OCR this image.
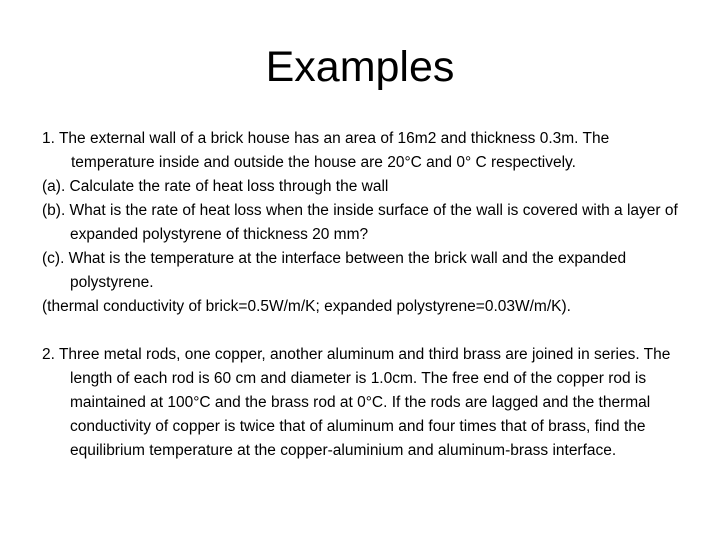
Examples

1. The external wall of a brick house has an area of 16m2 and thickness 0.3m. The temperature inside and outside the house are 20°C and 0° C respectively.

(a). Calculate the rate of heat loss through the wall

(b). What is the rate of heat loss when the inside surface of the wall is covered with a layer of expanded polystyrene of thickness 20 mm?

(c). What is the temperature at the interface between the brick wall and the expanded polystyrene.

(thermal conductivity of brick=0.5W/m/K; expanded polystyrene=0.03W/m/K).

2. Three metal rods, one copper, another aluminum and third brass are joined in series. The length of each rod is 60 cm and diameter is 1.0cm. The free end of the copper rod is maintained at 100°C and the brass rod at 0°C. If the rods are lagged and the thermal conductivity of copper is twice that of aluminum and four times that of brass, find the equilibrium temperature at the copper-aluminium and aluminum-brass interface.
